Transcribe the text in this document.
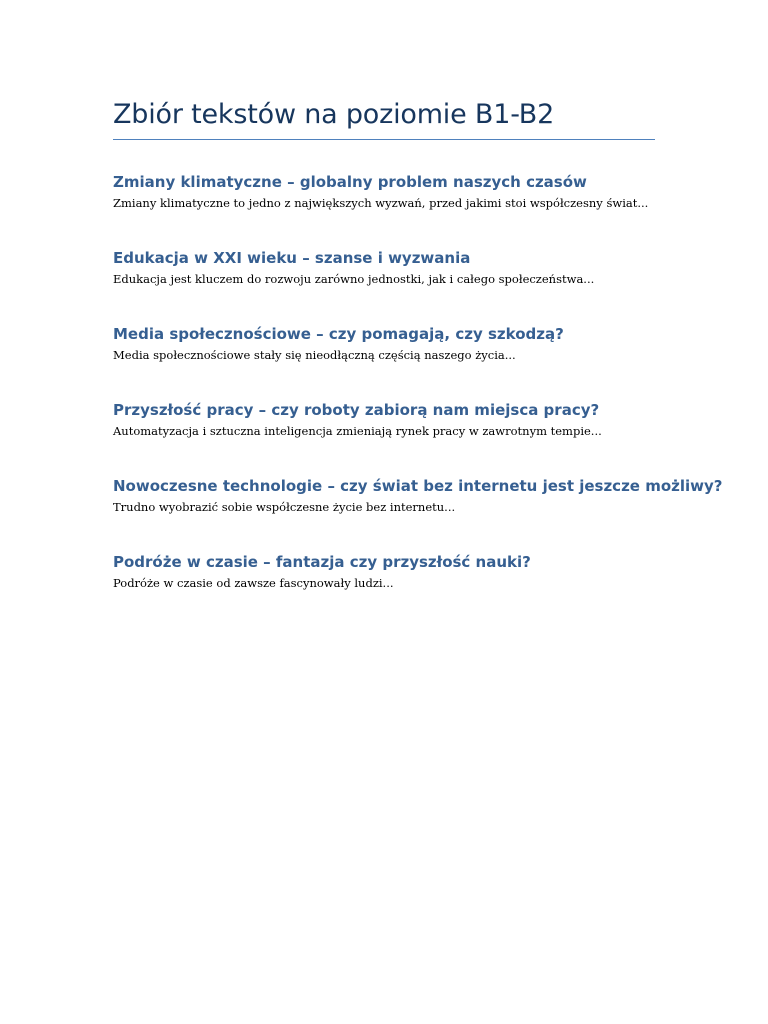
Zbiór tekstów na poziomie B1-B2
Zmiany klimatyczne – globalny problem naszych czasów

Zmiany klimatyczne to jedno z największych wyzwań, przed jakimi stoi współczesny świat...

Edukacja w XXI wieku – szanse i wyzwania

Edukacja jest kluczem do rozwoju zarówno jednostki, jak i całego społeczeństwa...

Media społecznościowe – czy pomagają, czy szkodzą?

Media społecznościowe stały się nieodłączną częścią naszego życia...

Przyszłość pracy – czy roboty zabiorą nam miejsca pracy?

Automatyzacja i sztuczna inteligencja zmieniają rynek pracy w zawrotnym tempie...

Nowoczesne technologie – czy świat bez internetu jest jeszcze możliwy?

Trudno wyobrazić sobie współczesne życie bez internetu...

Podróże w czasie – fantazja czy przyszłość nauki?

Podróże w czasie od zawsze fascynowały ludzi...
